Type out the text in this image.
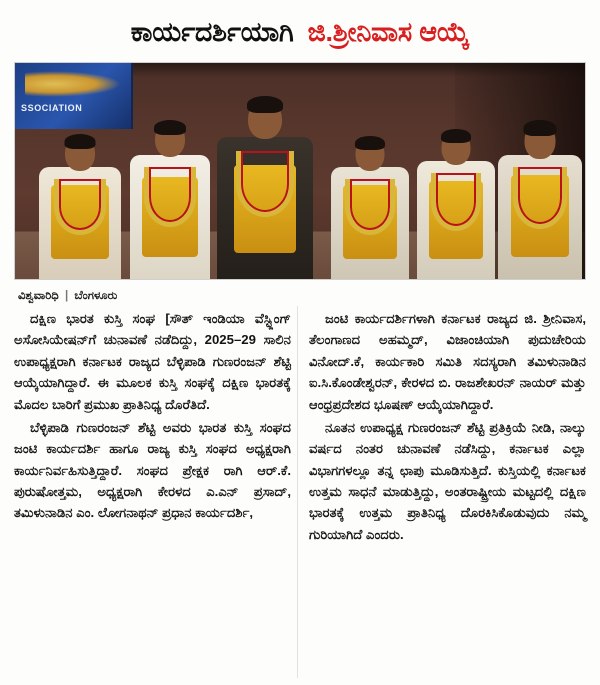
ಕಾರ್ಯದರ್ಶಿಯಾಗಿ ಜಿ.ಶ್ರೀನಿವಾಸ ಆಯ್ಕೆ
SSOCIATION
ವಿಶ್ವವಾರಿಧಿ | ಬೆಂಗಳೂರು

ದಕ್ಷಿಣ ಭಾರತ ಕುಸ್ತಿ ಸಂಘ [ಸೌತ್ ಇಂಡಿಯಾ ವೆಸ್ಟ್ಲಿಂಗ್ ಅಸೋಸಿಯೇಷನ್‌ಗೆ ಚುನಾವಣೆ ನಡೆದಿದ್ದು, 2025–29 ಸಾಲಿನ ಉಪಾಧ್ಯಕ್ಷರಾಗಿ ಕರ್ನಾಟಕ ರಾಜ್ಯದ ಬೆಳ್ಳಿಪಾಡಿ ಗುಣರಂಜನ್ ಶೆಟ್ಟಿ ಆಯ್ಕೆಯಾಗಿದ್ದಾರೆ. ಈ ಮೂಲಕ ಕುಸ್ತಿ ಸಂಘಕ್ಕೆ ದಕ್ಷಿಣ ಭಾರತಕ್ಕೆ ಮೊದಲ ಬಾರಿಗೆ ಪ್ರಮುಖ ಪ್ರಾತಿನಿಧ್ಯ ದೊರೆತಿದೆ.

ಬೆಳ್ಳಿಪಾಡಿ ಗುಣರಂಜನ್ ಶೆಟ್ಟಿ ಅವರು ಭಾರತ ಕುಸ್ತಿ ಸಂಘದ ಜಂಟಿ ಕಾರ್ಯದರ್ಶಿ ಹಾಗೂ ರಾಜ್ಯ ಕುಸ್ತಿ ಸಂಘದ ಅಧ್ಯಕ್ಷರಾಗಿ ಕಾರ್ಯನಿರ್ವಹಿಸುತ್ತಿದ್ದಾರೆ. ಸಂಘದ ಪ್ರೇಕ್ಷಕ ರಾಗಿ ಆರ್.ಕೆ. ಪುರುಷೋತ್ತಮ, ಅಧ್ಯಕ್ಷರಾಗಿ ಕೇರಳದ ಎ.ಎನ್ ಪ್ರಸಾದ್, ತಮಿಳುನಾಡಿನ ಎಂ. ಲೋಗನಾಥನ್ ಪ್ರಧಾನ ಕಾರ್ಯದರ್ಶಿ,

ಜಂಟಿ ಕಾರ್ಯದರ್ಶಿಗಳಾಗಿ ಕರ್ನಾಟಕ ರಾಜ್ಯದ ಜಿ. ಶ್ರೀನಿವಾಸ, ತೆಲಂಗಾಣದ ಅಹಮ್ಮದ್, ವಿಜಾಂಚಿಯಾಗಿ ಪುದುಚೇರಿಯ ವಿನೋದ್.ಕೆ, ಕಾರ್ಯಕಾರಿ ಸಮಿತಿ ಸದಸ್ಯರಾಗಿ ತಮಿಳುನಾಡಿನ ಐ.ಸಿ.ಕೊಂಡೇಶ್ವರನ್, ಕೇರಳದ ಬಿ. ರಾಜಶೇಖರನ್ ನಾಯರ್ ಮತ್ತು ಆಂಧ್ರಪ್ರದೇಶದ ಭೂಷಣ್ ಆಯ್ಕೆಯಾಗಿದ್ದಾರೆ.

ನೂತನ ಉಪಾಧ್ಯಕ್ಷ ಗುಣರಂಜನ್ ಶೆಟ್ಟಿ ಪ್ರತಿಕ್ರಿಯೆ ನೀಡಿ, ನಾಲ್ಕು ವರ್ಷದ ನಂತರ ಚುನಾವಣೆ ನಡೆಸಿದ್ದು, ಕರ್ನಾಟಕ ಎಲ್ಲಾ ವಿಭಾಗಗಳಲ್ಲೂ ತನ್ನ ಛಾಪು ಮೂಡಿಸುತ್ತಿದೆ. ಕುಸ್ತಿಯಲ್ಲಿ ಕರ್ನಾಟಕ ಉತ್ತಮ ಸಾಧನೆ ಮಾಡುತ್ತಿದ್ದು, ಅಂತರಾಷ್ಟ್ರೀಯ ಮಟ್ಟದಲ್ಲಿ ದಕ್ಷಿಣ ಭಾರತಕ್ಕೆ ಉತ್ತಮ ಪ್ರಾತಿನಿಧ್ಯ ದೊರಕಿಸಿಕೊಡುವುದು ನಮ್ಮ ಗುರಿಯಾಗಿದೆ ಎಂದರು.
